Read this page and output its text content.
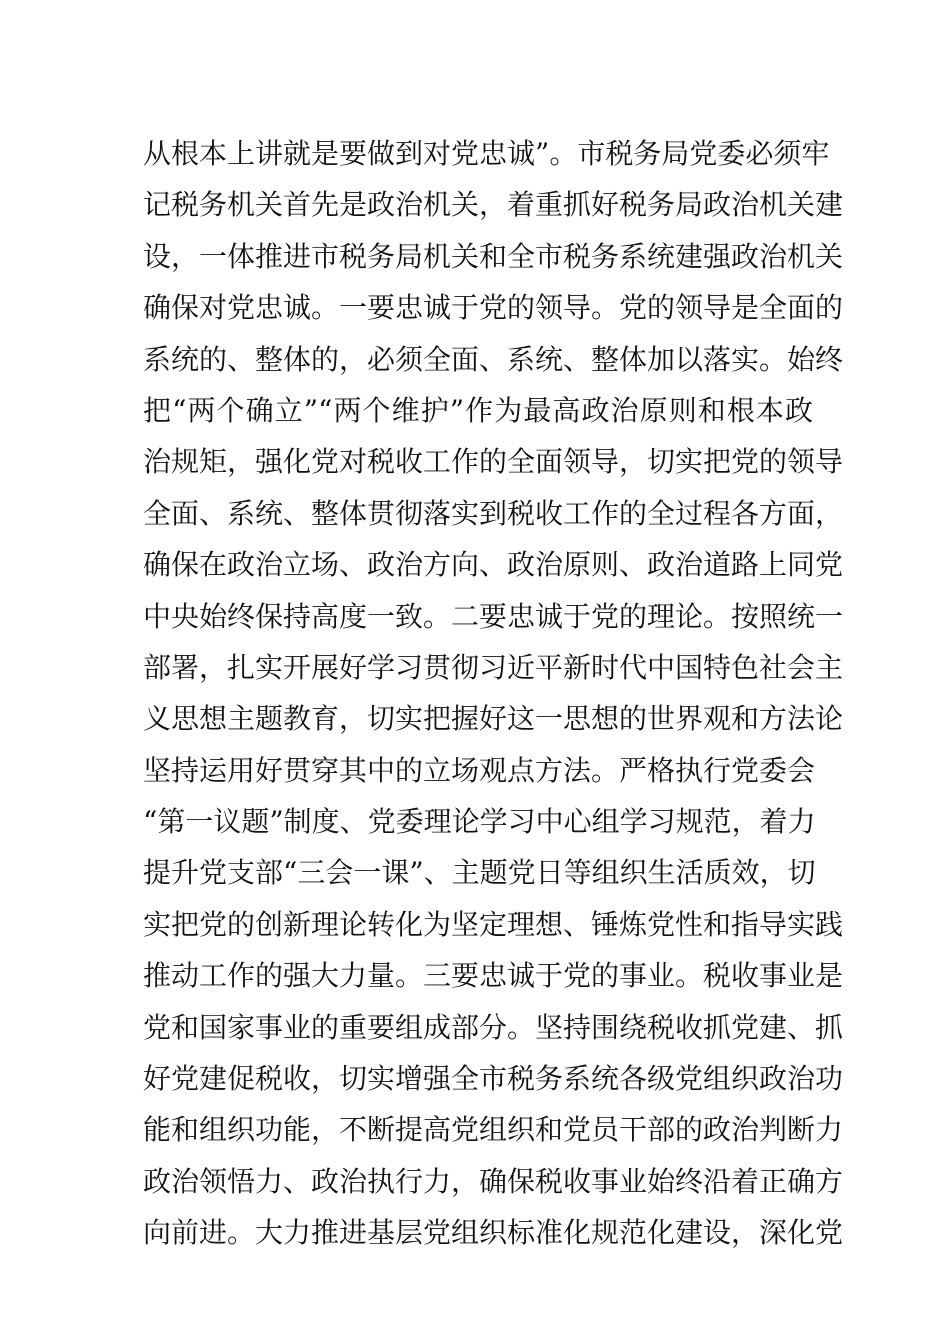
从根本上讲就是要做到对党忠诚”。市税务局党委必须牢
记税务机关首先是政治机关，着重抓好税务局政治机关建
设，一体推进市税务局机关和全市税务系统建强政治机关
确保对党忠诚。一要忠诚于党的领导。党的领导是全面的
系统的、整体的，必须全面、系统、整体加以落实。始终
把“两个确立”“两个维护”作为最高政治原则和根本政
治规矩，强化党对税收工作的全面领导，切实把党的领导
全面、系统、整体贯彻落实到税收工作的全过程各方面，
确保在政治立场、政治方向、政治原则、政治道路上同党
中央始终保持高度一致。二要忠诚于党的理论。按照统一
部署，扎实开展好学习贯彻习近平新时代中国特色社会主
义思想主题教育，切实把握好这一思想的世界观和方法论
坚持运用好贯穿其中的立场观点方法。严格执行党委会
“第一议题”制度、党委理论学习中心组学习规范，着力
提升党支部“三会一课”、主题党日等组织生活质效，切
实把党的创新理论转化为坚定理想、锤炼党性和指导实践
推动工作的强大力量。三要忠诚于党的事业。税收事业是
党和国家事业的重要组成部分。坚持围绕税收抓党建、抓
好党建促税收，切实增强全市税务系统各级党组织政治功
能和组织功能，不断提高党组织和党员干部的政治判断力
政治领悟力、政治执行力，确保税收事业始终沿着正确方
向前进。大力推进基层党组织标准化规范化建设，深化党
